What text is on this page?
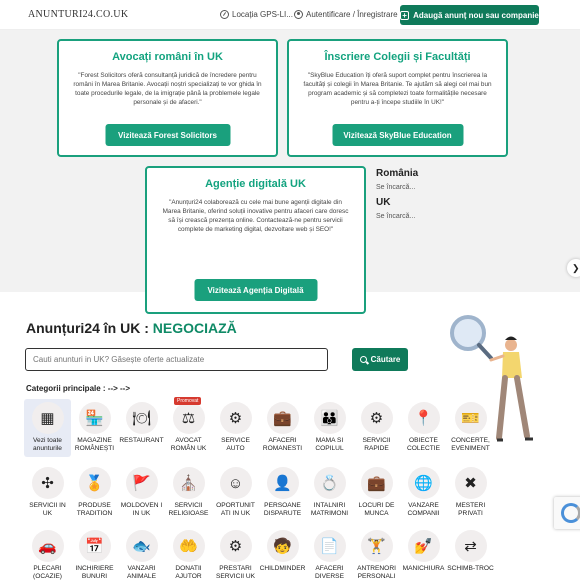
ANUNTURI24.CO.UK	Locația GPS-LI... Autentificare / Înregistrare + Adaugă anunț nou sau companie
Avocați români în UK

"Forest Solicitors oferă consultanță juridică de încredere pentru români în Marea Britanie. Avocații noștri specializați te vor ghida în toate procedurile legale, de la imigrație până la problemele legale personale și de afaceri."

Vizitează Forest Solicitors
Înscriere Colegii și Facultăți

"SkyBlue Education îți oferă suport complet pentru înscrierea la facultăți și colegii în Marea Britanie. Te ajutăm să alegi cel mai bun program academic și să completezi toate formalitățile necesare pentru a-ți începe studiile în UK!"

Vizitează SkyBlue Education
Agenție digitală UK

"Anunțuri24 colaborează cu cele mai bune agenții digitale din Marea Britanie, oferind soluții inovative pentru afaceri care doresc să își crească prezența online. Contactează-ne pentru servicii complete de marketing digital, dezvoltare web și SEO!"

Vizitează Agenția Digitală
România
Se încarcă...
UK
Se încarcă...
❯
Anunțuri24 în UK : NEGOCIAZĂ
Cauti anunturi in UK? Găsește oferte actualizate
Căutare
Categorii principale : --> -->
▦
Vezi toate anunturile
🏪
MAGAZINE ROMÂNEȘTI
🍽
RESTAURANT
⚖
Promovat
AVOCAT ROMÂN UK
⚙
SERVICE AUTO
💼
AFACERI ROMANESTI
👪
MAMA SI COPILUL
⚙
SERVICII RAPIDE
📍
OBIECTE COLECTIE
🎫
CONCERTE, EVENIMENT
✣
SERVICII IN UK
🏅
PRODUSE TRADITION
🚩
MOLDOVEN I IN UK
⛪
SERVICII RELIGIOASE
☺
OPORTUNIT ATI IN UK
👤
PERSOANE DISPARUTE
💍
INTALNIRI MATRIMONI
💼
LOCURI DE MUNCA
🌐
VANZARE COMPANII
✖
MESTERI PRIVATI
🚗
PLECARI (OCAZIE)
📅
INCHIRIERE BUNURI
🐟
VANZARI ANIMALE
🤲
DONATII AJUTOR
⚙
PRESTARI SERVICII UK
🧒
CHILDMINDER
📄
AFACERI DIVERSE
🏋
ANTRENORI PERSONALI
💅
MANICHIURA
⇄
SCHIMB-TROC
